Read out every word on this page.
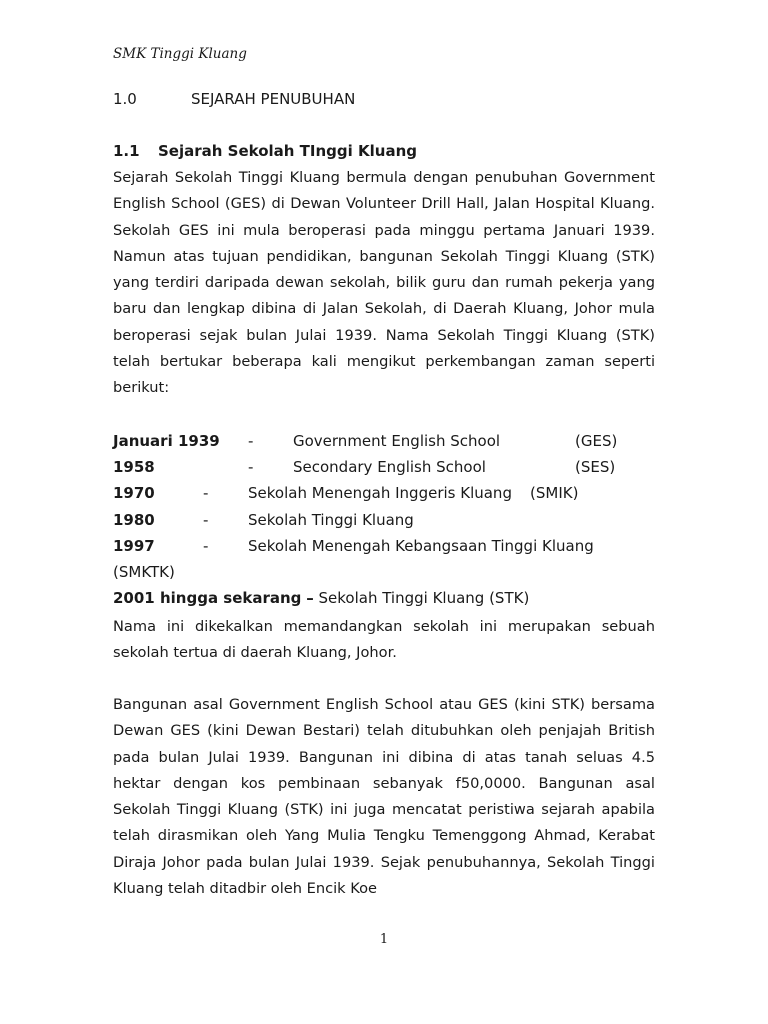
SMK Tinggi Kluang
1.0	SEJARAH PENUBUHAN
1.1 Sejarah Sekolah TInggi Kluang

Sejarah Sekolah Tinggi Kluang bermula dengan penubuhan Government English School (GES) di Dewan Volunteer Drill Hall, Jalan Hospital Kluang. Sekolah GES ini mula beroperasi pada minggu pertama Januari 1939. Namun atas tujuan pendidikan, bangunan Sekolah Tinggi Kluang (STK) yang terdiri daripada dewan sekolah, bilik guru dan rumah pekerja yang baru dan lengkap dibina di Jalan Sekolah, di Daerah Kluang, Johor mula beroperasi sejak bulan Julai 1939. Nama Sekolah Tinggi Kluang (STK) telah bertukar beberapa kali mengikut perkembangan zaman seperti berikut:

Januari 1939 -	Government English School	(GES)
1958	-	Secondary English School	(SES)
1970	-	Sekolah Menengah Inggeris Kluang (SMIK)
1980	-	Sekolah Tinggi Kluang
1997	-	Sekolah Menengah Kebangsaan Tinggi Kluang
(SMKTK)
2001 hingga sekarang – Sekolah Tinggi Kluang (STK)

Nama ini dikekalkan memandangkan sekolah ini merupakan sebuah sekolah tertua di daerah Kluang, Johor.

Bangunan asal Government English School atau GES (kini STK) bersama Dewan GES (kini Dewan Bestari) telah ditubuhkan oleh penjajah British pada bulan Julai 1939. Bangunan ini dibina di atas tanah seluas 4.5 hektar dengan kos pembinaan sebanyak f50,0000. Bangunan asal Sekolah Tinggi Kluang (STK) ini juga mencatat peristiwa sejarah apabila telah dirasmikan oleh Yang Mulia Tengku Temenggong Ahmad, Kerabat Diraja Johor pada bulan Julai 1939. Sejak penubuhannya, Sekolah Tinggi Kluang telah ditadbir oleh Encik Koe

1
